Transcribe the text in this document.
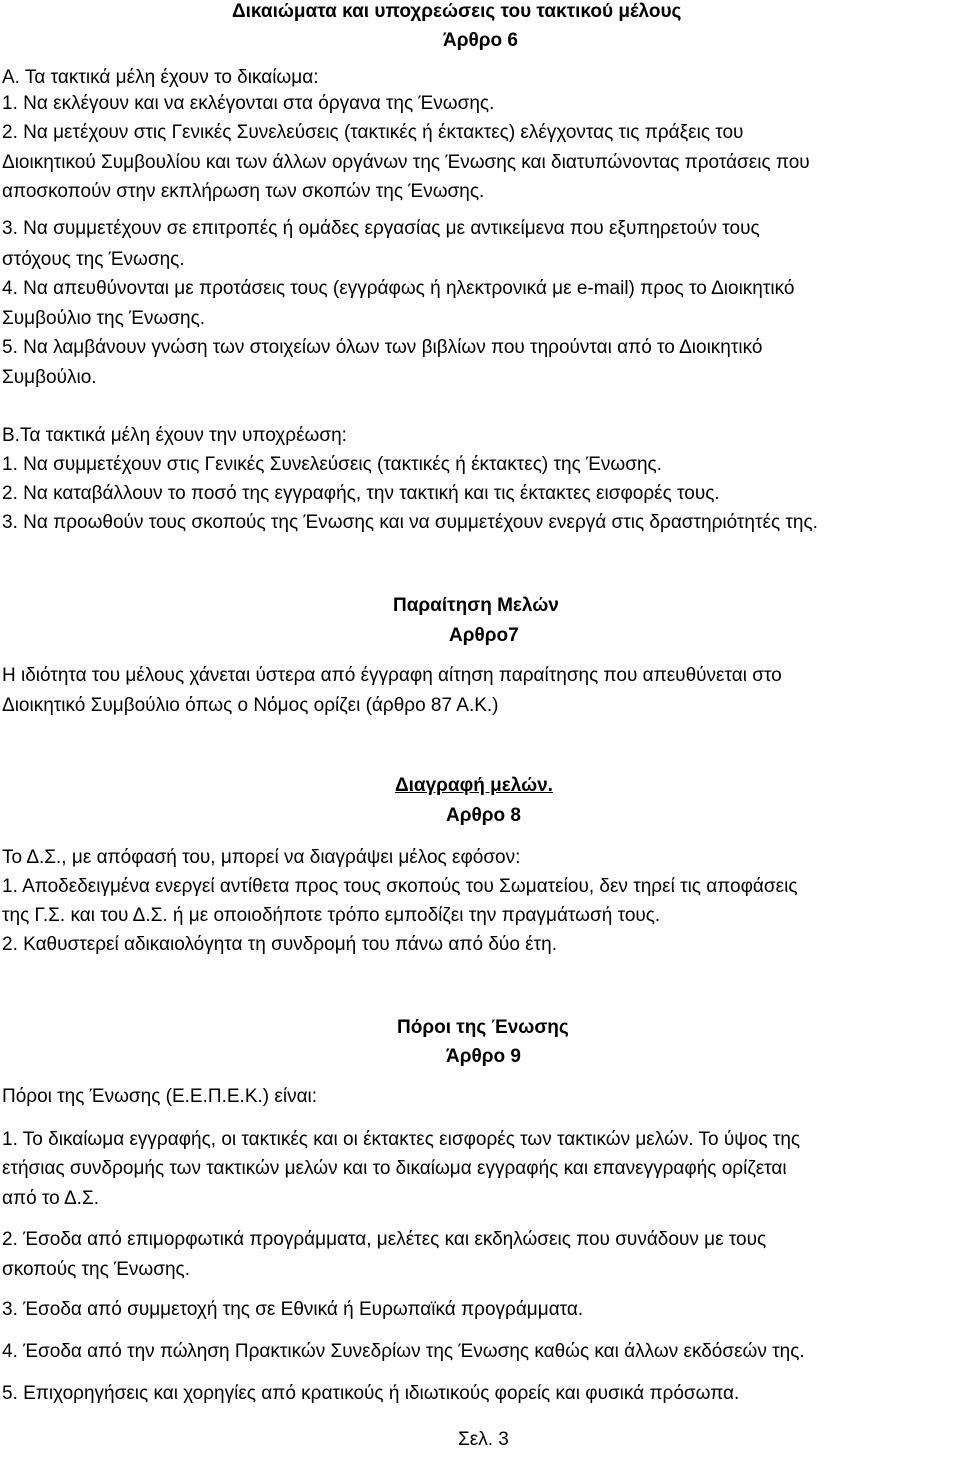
Δικαιώματα και υποχρεώσεις του τακτικού μέλους
Άρθρο 6
Α. Τα τακτικά μέλη έχουν το δικαίωμα:
1. Να εκλέγουν και να εκλέγονται στα όργανα της Ένωσης.
2. Να μετέχουν στις Γενικές Συνελεύσεις (τακτικές ή έκτακτες) ελέγχοντας τις πράξεις του
Διοικητικού Συμβουλίου και των άλλων οργάνων της Ένωσης και διατυπώνοντας προτάσεις που
αποσκοπούν στην εκπλήρωση των σκοπών της Ένωσης.
3. Να συμμετέχουν σε επιτροπές ή ομάδες εργασίας με αντικείμενα που εξυπηρετούν τους
στόχους της Ένωσης.
4. Να απευθύνονται με προτάσεις τους (εγγράφως ή ηλεκτρονικά με e-mail) προς το Διοικητικό
Συμβούλιο της Ένωσης.
5. Να λαμβάνουν γνώση των στοιχείων όλων των βιβλίων που τηρούνται από το Διοικητικό
Συμβούλιο.
Β.Τα τακτικά μέλη έχουν την υποχρέωση:
1. Να συμμετέχουν στις Γενικές Συνελεύσεις (τακτικές ή έκτακτες) της Ένωσης.
2. Να καταβάλλουν το ποσό της εγγραφής, την τακτική και τις έκτακτες εισφορές τους.
3. Να προωθούν τους σκοπούς της Ένωσης και να συμμετέχουν ενεργά στις δραστηριότητές της.
Παραίτηση Μελών
Αρθρο7
Η ιδιότητα του μέλους χάνεται ύστερα από έγγραφη αίτηση παραίτησης που απευθύνεται στο
Διοικητικό Συμβούλιο όπως ο Νόμος ορίζει (άρθρο 87 Α.Κ.)
Διαγραφή μελών.
Αρθρο 8
Το Δ.Σ., με απόφασή του, μπορεί να διαγράψει μέλος εφόσον:
1. Αποδεδειγμένα ενεργεί αντίθετα προς τους σκοπούς του Σωματείου, δεν τηρεί τις αποφάσεις
της Γ.Σ. και του Δ.Σ. ή με οποιοδήποτε τρόπο εμποδίζει την πραγμάτωσή τους.
2. Καθυστερεί αδικαιολόγητα τη συνδρομή του πάνω από δύο έτη.
Πόροι της Ένωσης
Άρθρο 9
Πόροι της Ένωσης (Ε.Ε.Π.Ε.Κ.) είναι:
1. Το δικαίωμα εγγραφής, οι τακτικές και οι έκτακτες εισφορές των τακτικών μελών. Το ύψος της
ετήσιας συνδρομής των τακτικών μελών και το δικαίωμα εγγραφής και επανεγγραφής ορίζεται
από το Δ.Σ.
2. Έσοδα από επιμορφωτικά προγράμματα, μελέτες και εκδηλώσεις που συνάδουν με τους
σκοπούς της Ένωσης.
3. Έσοδα από συμμετοχή της σε Εθνικά ή Ευρωπαϊκά προγράμματα.
4. Έσοδα από την πώληση Πρακτικών Συνεδρίων της Ένωσης καθώς και άλλων εκδόσεών της.
5. Επιχορηγήσεις και χορηγίες από κρατικούς ή ιδιωτικούς φορείς και φυσικά πρόσωπα.
Σελ. 3
